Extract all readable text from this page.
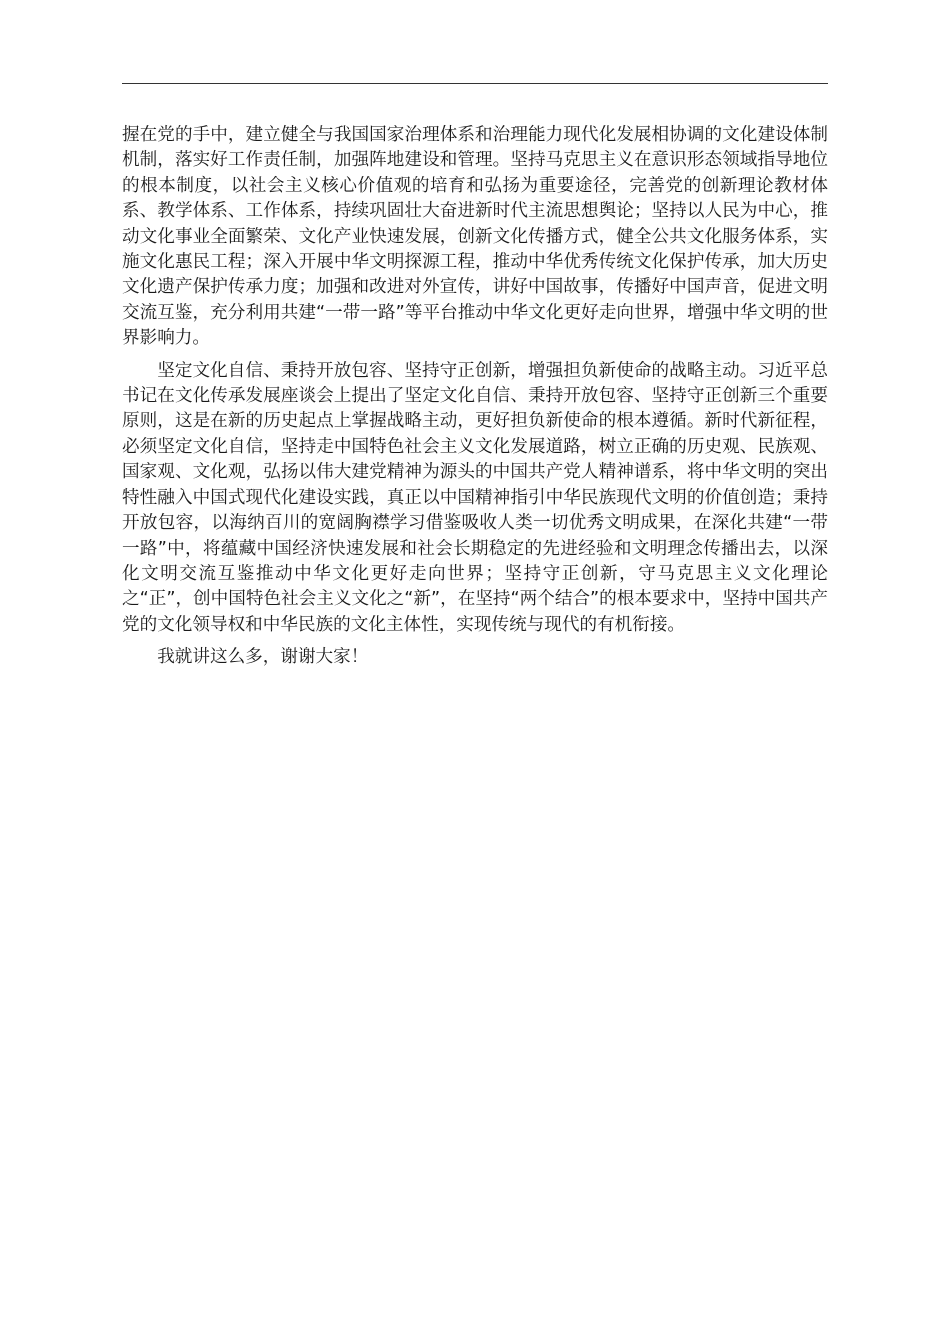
握在党的手中，建立健全与我国国家治理体系和治理能力现代化发展相协调的文化建设体制机制，落实好工作责任制，加强阵地建设和管理。坚持马克思主义在意识形态领域指导地位的根本制度，以社会主义核心价值观的培育和弘扬为重要途径，完善党的创新理论教材体系、教学体系、工作体系，持续巩固壮大奋进新时代主流思想舆论；坚持以人民为中心，推动文化事业全面繁荣、文化产业快速发展，创新文化传播方式，健全公共文化服务体系，实施文化惠民工程；深入开展中华文明探源工程，推动中华优秀传统文化保护传承，加大历史文化遗产保护传承力度；加强和改进对外宣传，讲好中国故事，传播好中国声音，促进文明交流互鉴，充分利用共建“一带一路”等平台推动中华文化更好走向世界，增强中华文明的世界影响力。

坚定文化自信、秉持开放包容、坚持守正创新，增强担负新使命的战略主动。习近平总书记在文化传承发展座谈会上提出了坚定文化自信、秉持开放包容、坚持守正创新三个重要原则，这是在新的历史起点上掌握战略主动，更好担负新使命的根本遵循。新时代新征程，必须坚定文化自信，坚持走中国特色社会主义文化发展道路，树立正确的历史观、民族观、国家观、文化观，弘扬以伟大建党精神为源头的中国共产党人精神谱系，将中华文明的突出特性融入中国式现代化建设实践，真正以中国精神指引中华民族现代文明的价值创造；秉持开放包容，以海纳百川的宽阔胸襟学习借鉴吸收人类一切优秀文明成果，在深化共建“一带一路”中，将蕴藏中国经济快速发展和社会长期稳定的先进经验和文明理念传播出去，以深化文明交流互鉴推动中华文化更好走向世界；坚持守正创新，守马克思主义文化理论之“正”，创中国特色社会主义文化之“新”，在坚持“两个结合”的根本要求中，坚持中国共产党的文化领导权和中华民族的文化主体性，实现传统与现代的有机衔接。

我就讲这么多，谢谢大家！
